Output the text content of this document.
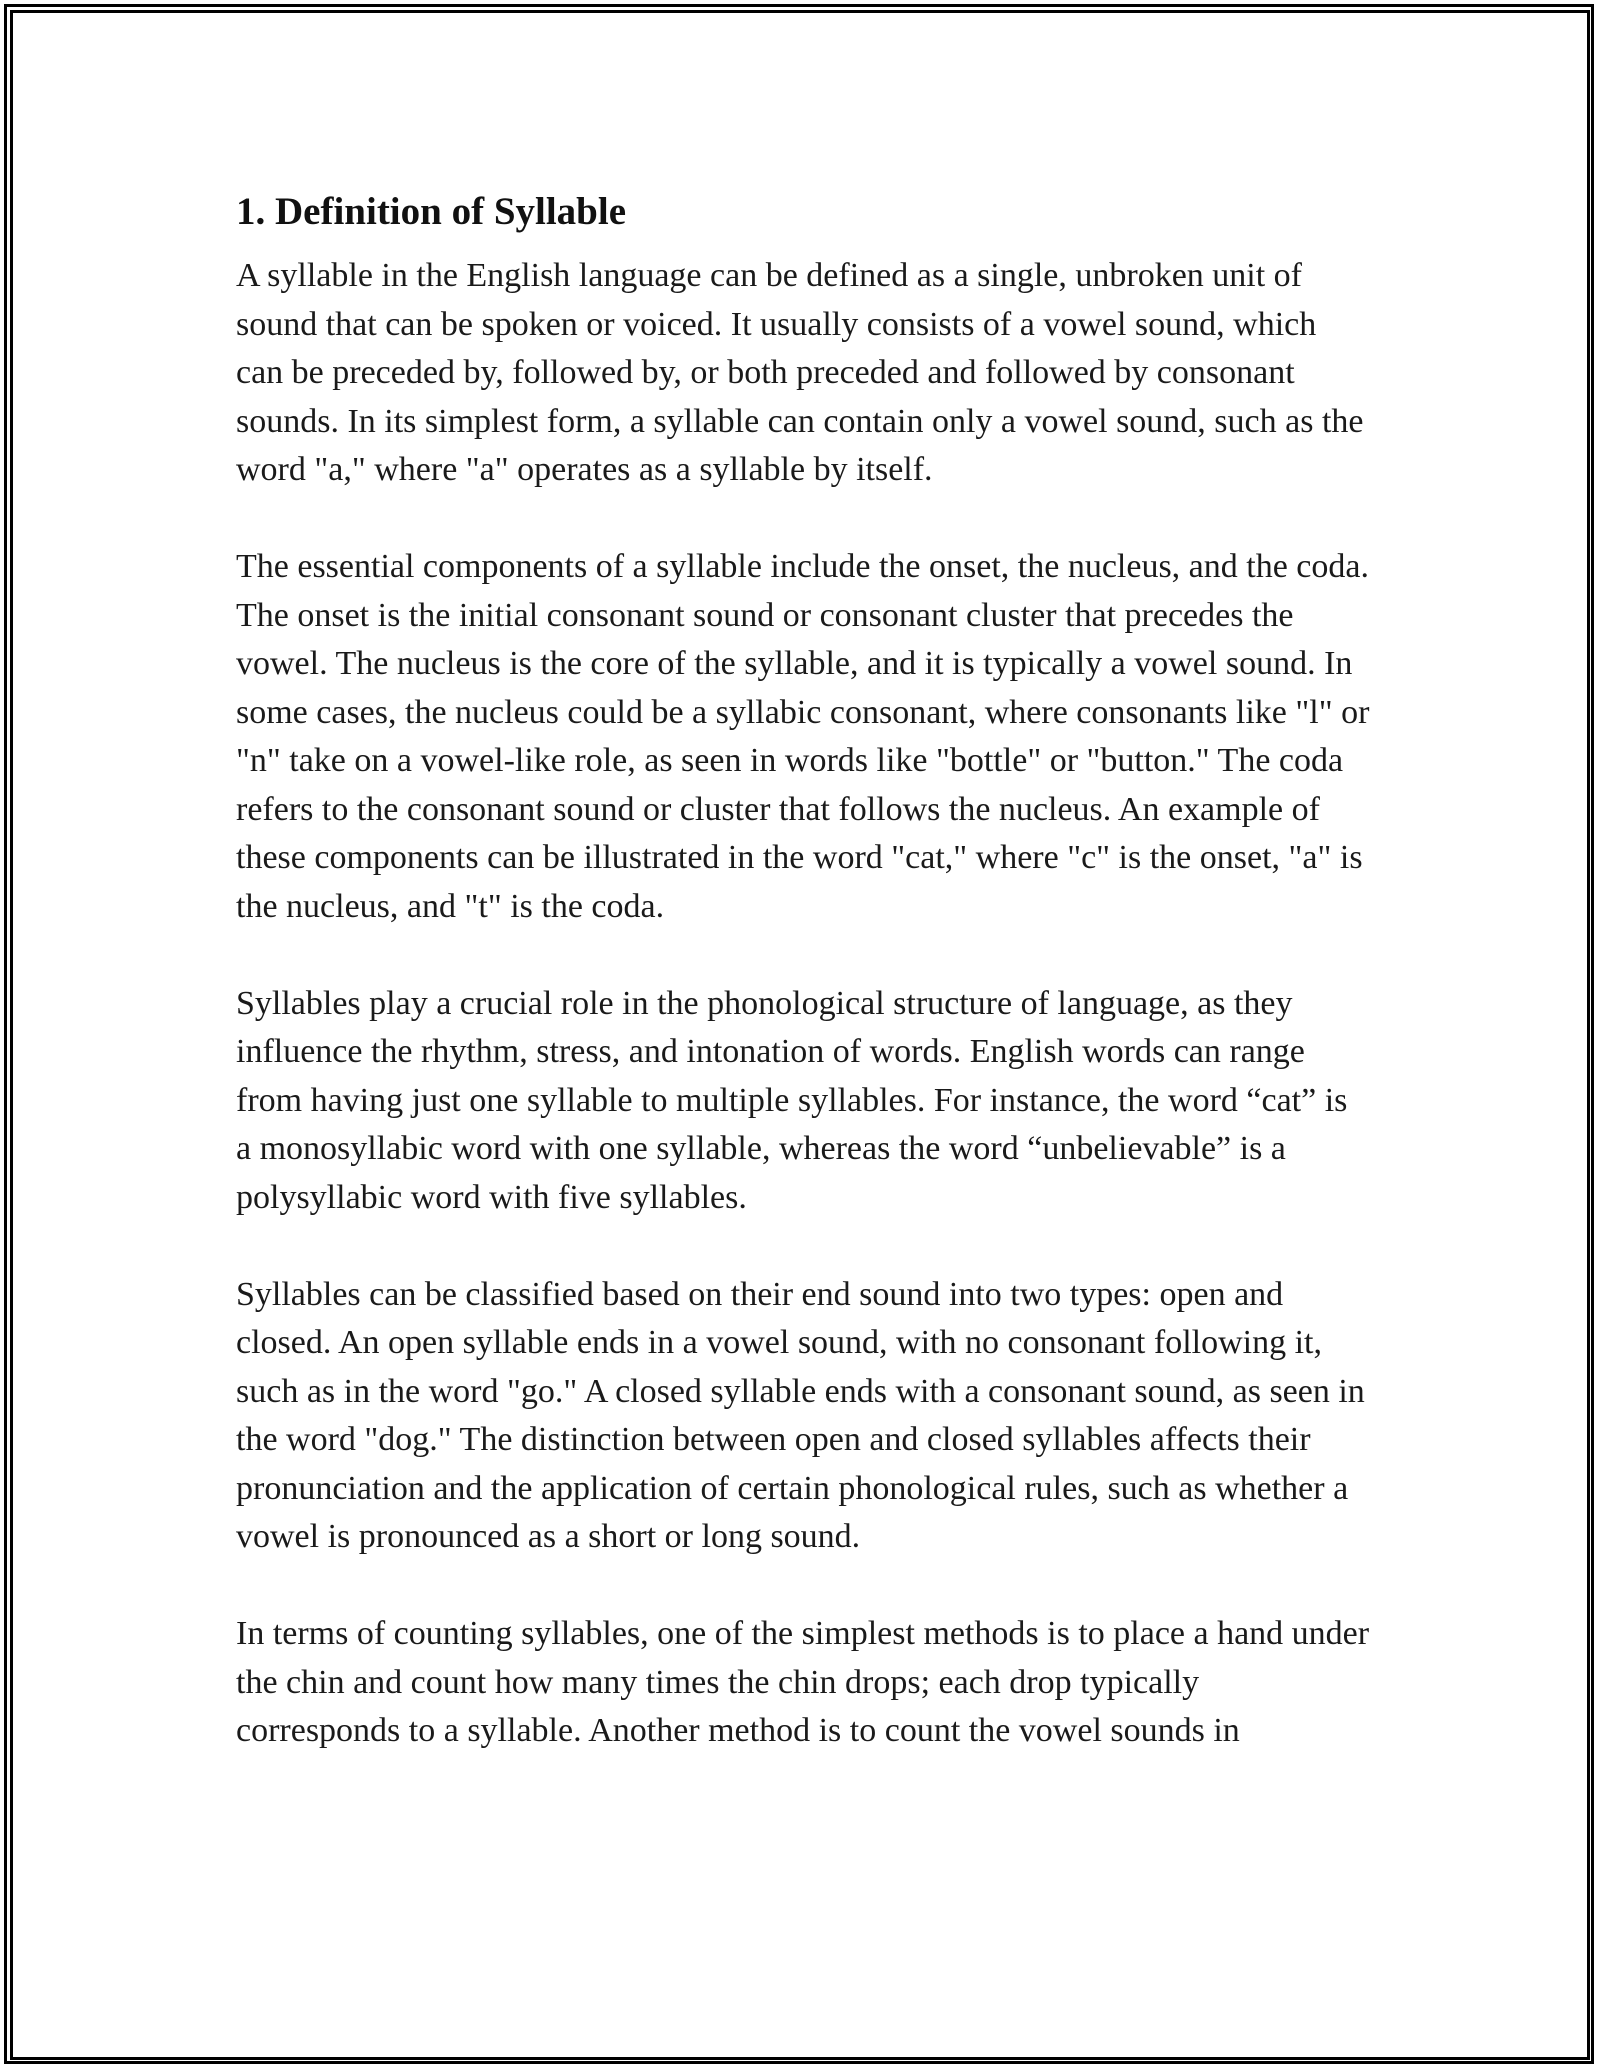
1. Definition of Syllable

A syllable in the English language can be defined as a single, unbroken unit of sound that can be spoken or voiced. It usually consists of a vowel sound, which can be preceded by, followed by, or both preceded and followed by consonant sounds. In its simplest form, a syllable can contain only a vowel sound, such as the word "a," where "a" operates as a syllable by itself.

The essential components of a syllable include the onset, the nucleus, and the coda. The onset is the initial consonant sound or consonant cluster that precedes the vowel. The nucleus is the core of the syllable, and it is typically a vowel sound. In some cases, the nucleus could be a syllabic consonant, where consonants like "l" or "n" take on a vowel-like role, as seen in words like "bottle" or "button." The coda refers to the consonant sound or cluster that follows the nucleus. An example of these components can be illustrated in the word "cat," where "c" is the onset, "a" is the nucleus, and "t" is the coda.

Syllables play a crucial role in the phonological structure of language, as they influence the rhythm, stress, and intonation of words. English words can range from having just one syllable to multiple syllables. For instance, the word “cat” is a monosyllabic word with one syllable, whereas the word “unbelievable” is a polysyllabic word with five syllables.

Syllables can be classified based on their end sound into two types: open and closed. An open syllable ends in a vowel sound, with no consonant following it, such as in the word "go." A closed syllable ends with a consonant sound, as seen in the word "dog." The distinction between open and closed syllables affects their pronunciation and the application of certain phonological rules, such as whether a vowel is pronounced as a short or long sound.

In terms of counting syllables, one of the simplest methods is to place a hand under the chin and count how many times the chin drops; each drop typically corresponds to a syllable. Another method is to count the vowel sounds in
